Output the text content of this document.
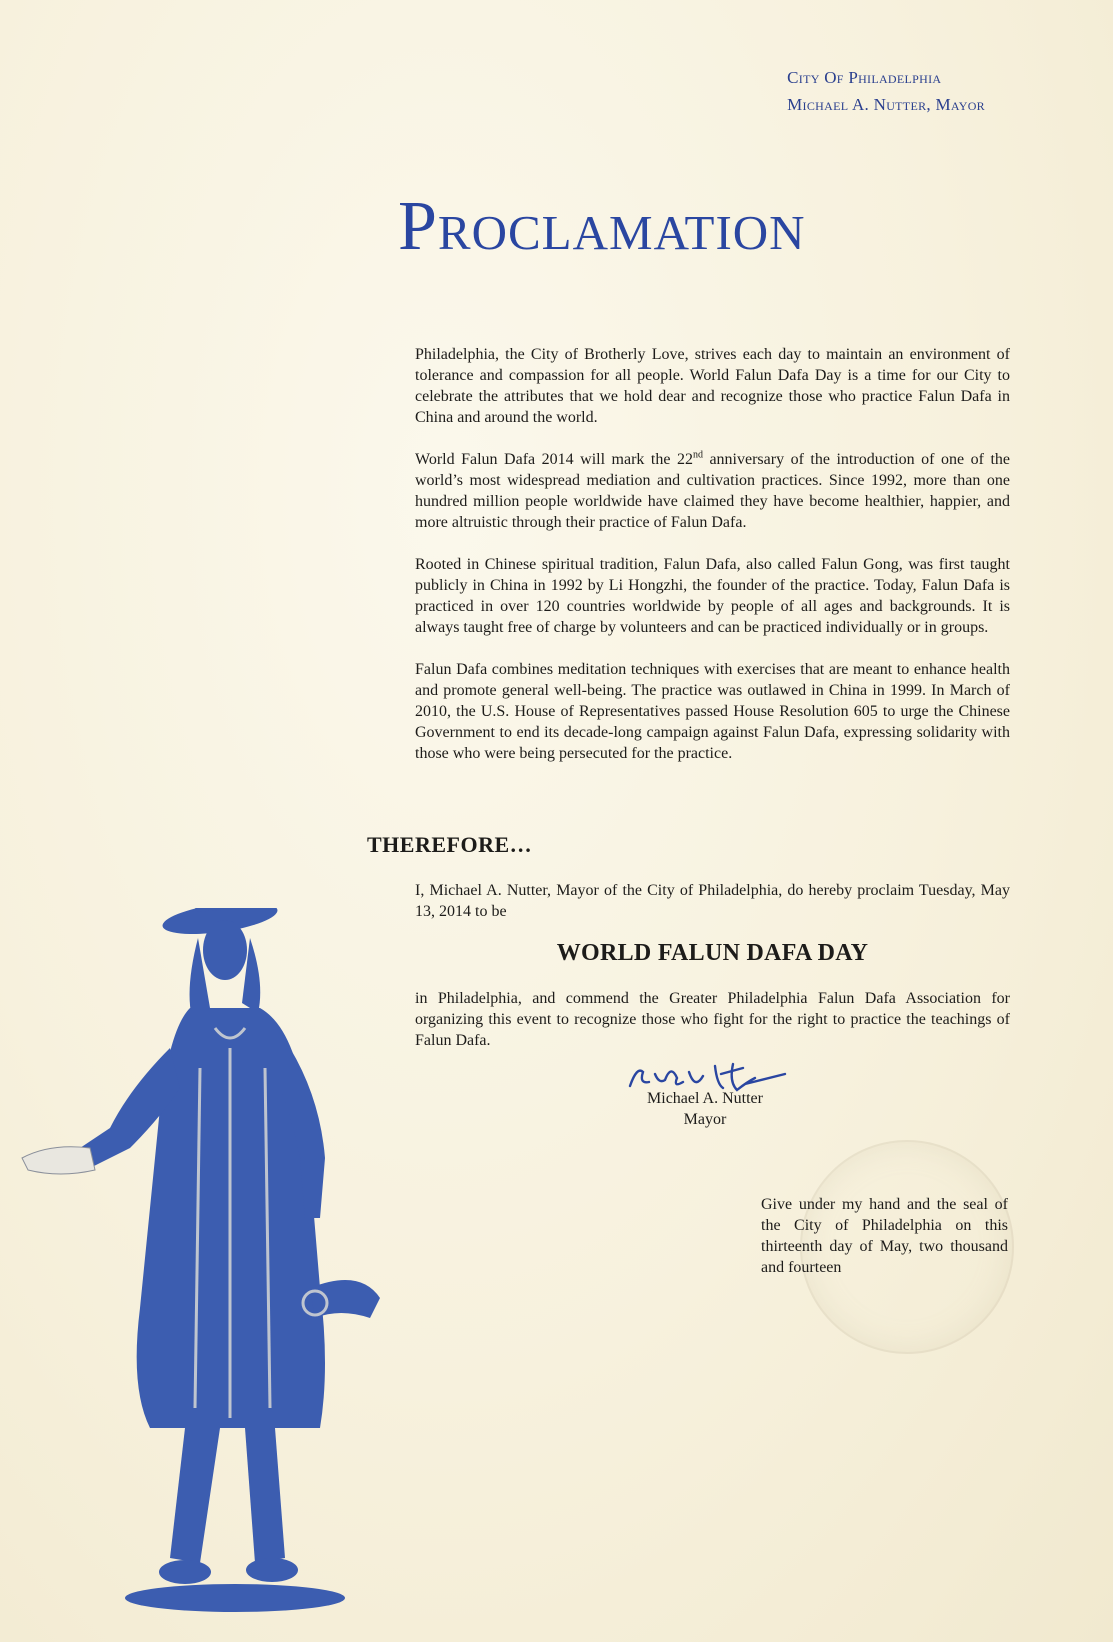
City Of Philadelphia
Michael A. Nutter, Mayor
Proclamation

Philadelphia, the City of Brotherly Love, strives each day to maintain an environment of tolerance and compassion for all people. World Falun Dafa Day is a time for our City to celebrate the attributes that we hold dear and recognize those who practice Falun Dafa in China and around the world.

World Falun Dafa 2014 will mark the 22nd anniversary of the introduction of one of the world’s most widespread mediation and cultivation practices. Since 1992, more than one hundred million people worldwide have claimed they have become healthier, happier, and more altruistic through their practice of Falun Dafa.

Rooted in Chinese spiritual tradition, Falun Dafa, also called Falun Gong, was first taught publicly in China in 1992 by Li Hongzhi, the founder of the practice. Today, Falun Dafa is practiced in over 120 countries worldwide by people of all ages and backgrounds. It is always taught free of charge by volunteers and can be practiced individually or in groups.

Falun Dafa combines meditation techniques with exercises that are meant to enhance health and promote general well-being. The practice was outlawed in China in 1999. In March of 2010, the U.S. House of Representatives passed House Resolution 605 to urge the Chinese Government to end its decade-long campaign against Falun Dafa, expressing solidarity with those who were being persecuted for the practice.

THEREFORE…
I, Michael A. Nutter, Mayor of the City of Philadelphia, do hereby proclaim Tuesday, May 13, 2014 to be
WORLD FALUN DAFA DAY
in Philadelphia, and commend the Greater Philadelphia Falun Dafa Association for organizing this event to recognize those who fight for the right to practice the teachings of Falun Dafa.
Michael A. Nutter
Mayor
Give under my hand and the seal of the City of Philadelphia on this thirteenth day of May, two thousand and fourteen
